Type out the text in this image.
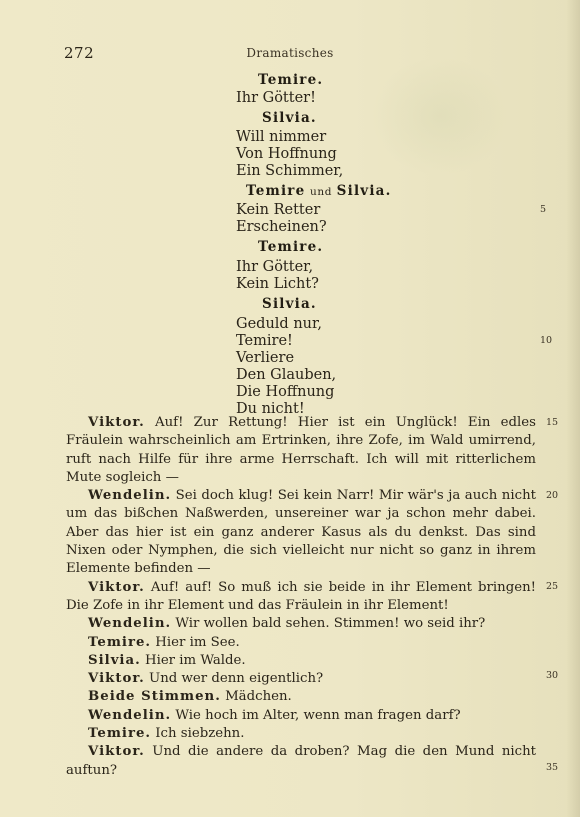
272	Dramatisches
Temire.
Ihr Götter!
Silvia.
Will nimmer
Von Hoffnung
Ein Schimmer,
Temire und Silvia.
Kein Retter	5
Erscheinen?
Temire.
Ihr Götter,
Kein Licht?
Silvia.
Geduld nur,
Temire!	10
Verliere
Den Glauben,
Die Hoffnung
Du nicht!

Viktor. Auf! Zur Rettung! Hier ist ein Unglück! Ein edles Fräulein wahrscheinlich am Ertrinken, ihre Zofe, im Wald umirrend, ruft nach Hilfe für ihre arme Herrschaft. Ich will mit ritterlichem Mute sogleich —

Wendelin. Sei doch klug! Sei kein Narr! Mir wär's ja auch nicht um das bißchen Naßwerden, unsereiner war ja schon mehr dabei. Aber das hier ist ein ganz anderer Kasus als du denkst. Das sind Nixen oder Nymphen, die sich vielleicht nur nicht so ganz in ihrem Elemente befinden —

Viktor. Auf! auf! So muß ich sie beide in ihr Element bringen! Die Zofe in ihr Element und das Fräulein in ihr Element!

Wendelin. Wir wollen bald sehen. Stimmen! wo seid ihr?

Temire. Hier im See.

Silvia. Hier im Walde.

Viktor. Und wer denn eigentlich?

Beide Stimmen. Mädchen.

Wendelin. Wie hoch im Alter, wenn man fragen darf?

Temire. Ich siebzehn.

Viktor. Und die andere da droben? Mag die den Mund nicht auftun?

15
20
25
30
35
